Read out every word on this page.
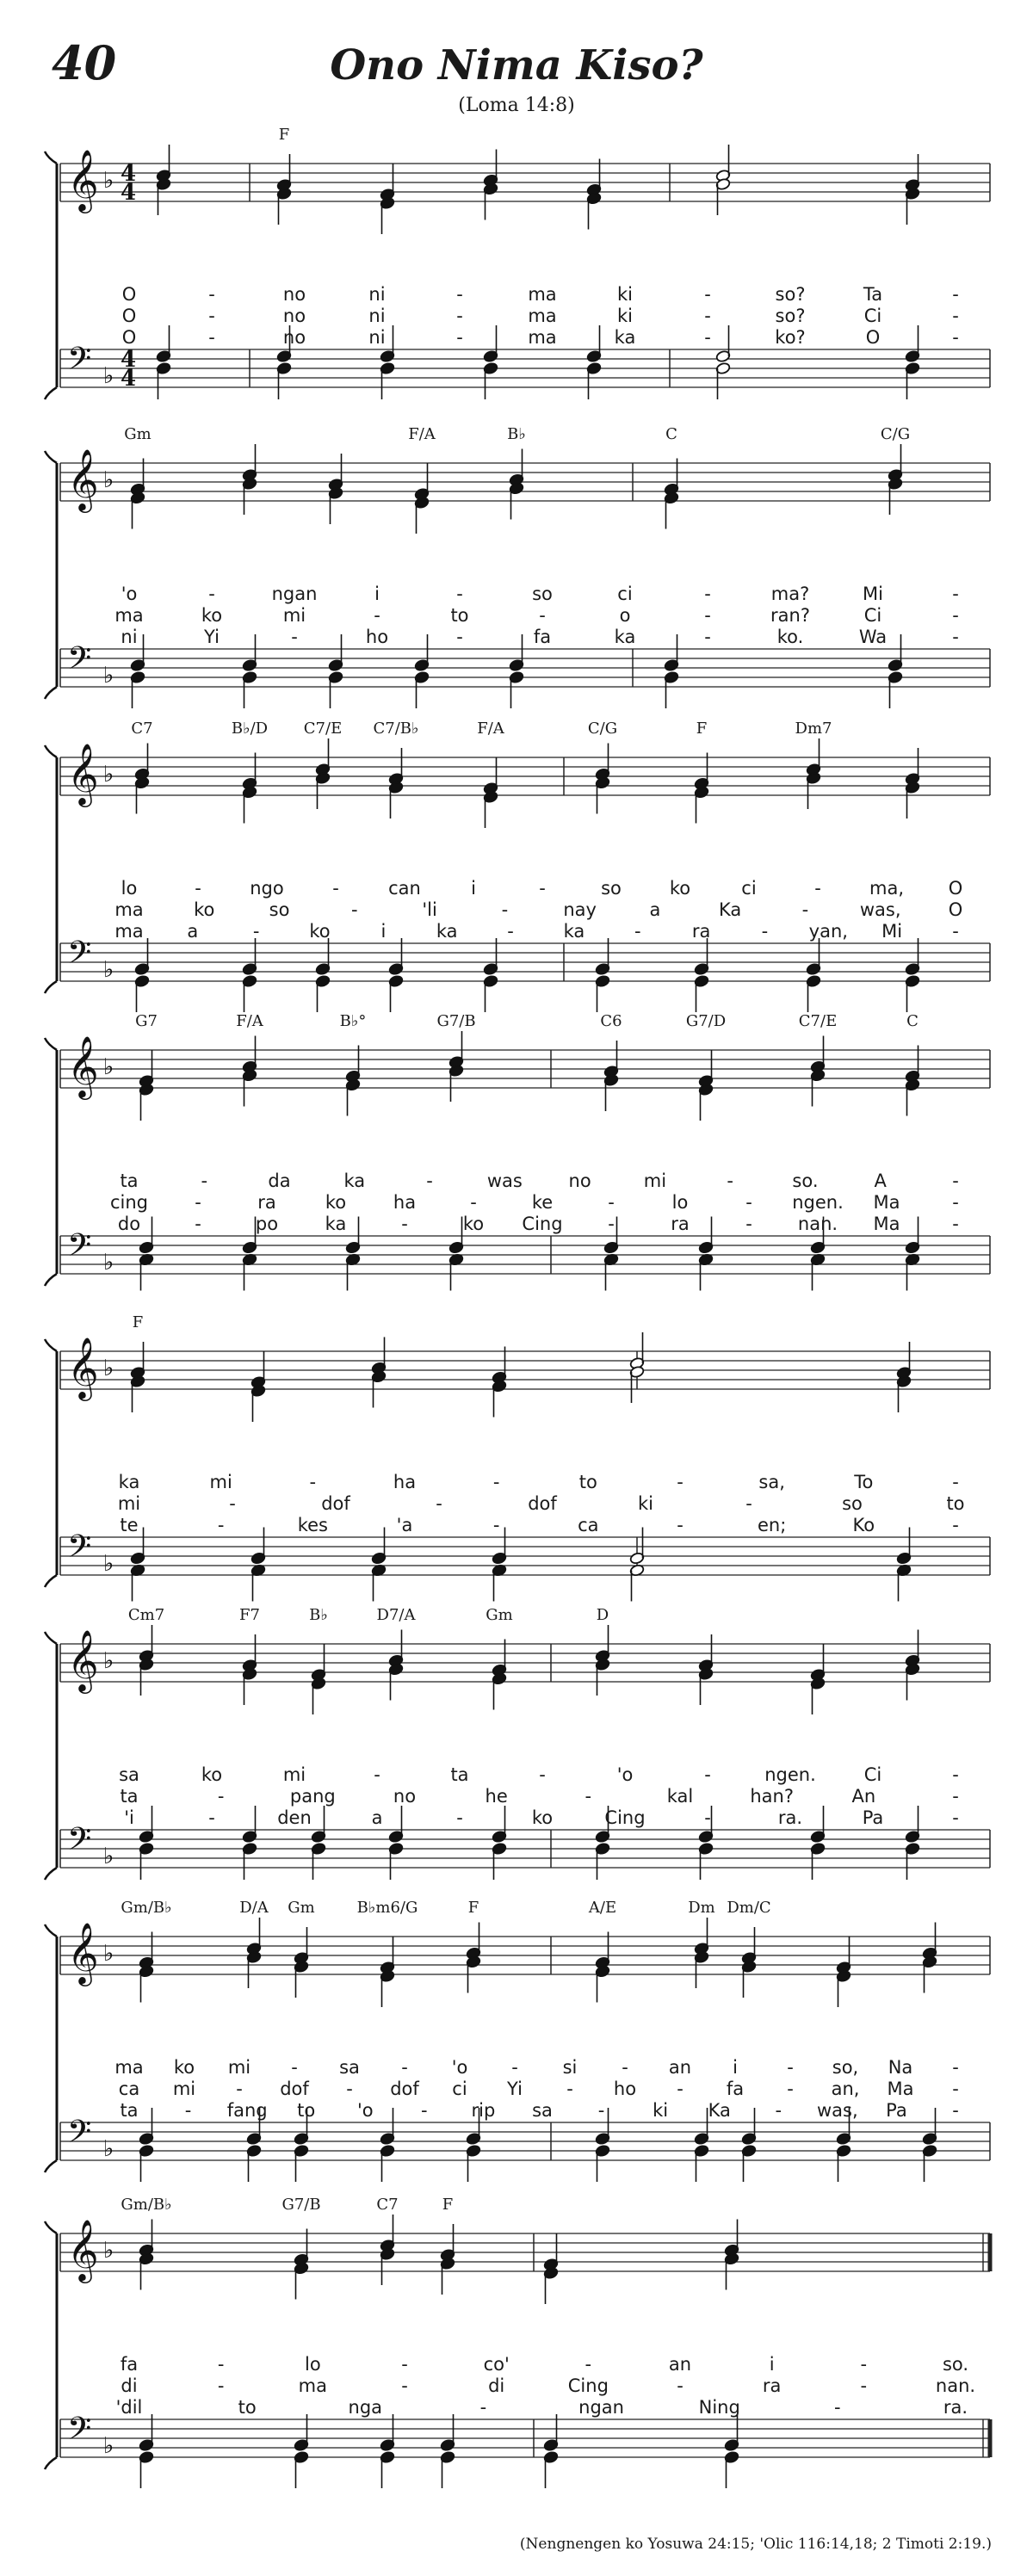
40	Ono Nima Kiso?
(Loma 14:8)
𝄞 ♭ 4
4
𝄢 ♭
4
4
F
O	-	no	ni	-	ma	ki	-	so?	Ta	-
O	-	no	ni	-	ma	ki	-	so?	Ci	-
O	-	no	ni	-	ma	ka	-	ko?	O	-
𝄞 ♭
𝄢 ♭
Gm	F/A	B♭	C	C/G
'o	-	ngan	i	-	so	ci	-	ma?	Mi	-
ma	ko	mi	-	to	-	o	-	ran?	Ci	-
ni	Yi	-	ho	-	fa	ka	-	ko.	Wa	-
𝄞 ♭
𝄢 ♭
C7	B♭/D C7/E C7/B♭	F/A	C/G	F	Dm7
lo	-	ngo	-	can	i	-	so	ko	ci	-	ma, O
ma	ko	so	-	'li	-	nay	a	Ka	-	was,	O
ma a	-	ko	i	ka	-	ka	-	ra	- yan, Mi	-
𝄞 ♭
𝄢 ♭
G7	F/A	B♭°	G7/B	C6	G7/D	C7/E	C
ta	-	da	ka	-	was	no	mi	-	so.	A	-
cing	-	ra	ko	ha	-	ke	-	lo	- ngen. Ma	-
do	-	po	ka	-	ko Cing	-	ra	-	nan. Ma	-
𝄞 ♭
𝄢 ♭
F
ka	mi	-	ha	-	to	-	sa,	To	-
mi	-	dof	-	dof	ki	-	so	to
te	-	kes	'a	-	ca	-	en;	Ko	-
𝄞 ♭
𝄢 ♭
Cm7	F7	B♭	D7/A	Gm	D
sa	ko	mi	-	ta	-	'o	-	ngen.	Ci	-
ta	-	pang	no	he	-	kal	han?	An	-
'i	-	den	a	-	ko	Cing	-	ra.	Pa	-
𝄞 ♭
𝄢 ♭
Gm/B♭	D/A Gm	B♭m6/G	F	A/E	Dm Dm/C
ma ko mi - sa - 'o - si - an i	- so, Na -
ca mi - dof - dof ci Yi - ho - fa - an, Ma -
ta	- fang to 'o	- rip sa	-	ki Ka - was, Pa -
𝄞 ♭
𝄢 ♭
Gm/B♭	G7/B	C7	F
fa	-	lo	-	co'	-	an	i	-	so.
di	-	ma	-	di	Cing	-	ra	-	nan.
'dil	to	nga	-	ngan	Ning	-	ra.
(Nengnengen ko Yosuwa 24:15; 'Olic 116:14,18; 2 Timoti 2:19.)
